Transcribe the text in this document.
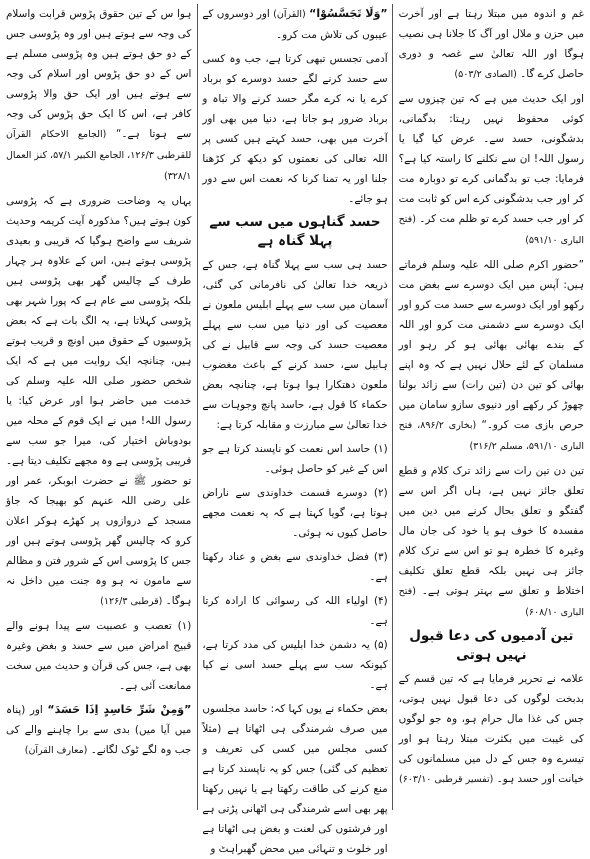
ہوا س کے تین حقوق پڑوس قرابت واسلام کی وجہ سے ہوتے ہیں اور وہ پڑوسی جس کے دو حق ہوتے ہیں وہ پڑوسی مسلم ہے اس کے دو حق پڑوس اور اسلام کی وجہ سے ہوتے ہیں اور ایک حق والا پڑوسی کافر ہے، اس کا ایک حق پڑوس کی وجہ سے ہوتا ہے۔“ (الجامع الاحکام القرآن للقرطبی ۱۲۶/۳، الجامع الکبیر ۵۷/۱، کنز العمال ۳۲۸/۱)

یہاں یہ وضاحت ضروری ہے کہ پڑوسی کون ہوتے ہیں؟ مذکورہ آیت کریمہ وحدیث شریف سے واضح ہوگیا کہ قریبی و بعیدی پڑوسی ہوتے ہیں، اس کے علاوہ ہر چہار طرف کے چالیس گھر بھی پڑوسی ہیں بلکہ پڑوسی سے عام ہے کہ پورا شہر بھی پڑوسی کہلاتا ہے، یہ الگ بات ہے کہ بعض پڑوسیوں کے حقوق میں اونچ و قریب ہوتے ہیں، چنانچہ ایک روایت میں ہے کہ ایک شخص حضور صلی اللہ علیہ وسلم کی خدمت میں حاضر ہوا اور عرض کیا: یا رسول اللہ! میں نے ایک قوم کے محلہ میں بودوباش اختیار کی، میرا جو سب سے قریبی پڑوسی ہے وہ مجھے تکلیف دیتا ہے۔ تو حضور ﷺ نے حضرت ابوبکر، عمر اور علی رضی اللہ عنہم کو بھیجا کہ جاؤ مسجد کے دروازوں پر کھڑے ہوکر اعلان کرو کہ چالیس گھر پڑوسی ہوتے ہیں اور جس کا پڑوسی اس کے شرور فتن و مظالم سے مامون نہ ہو وہ جنت میں داخل نہ ہوگا۔ (قرطبی ۱۲۶/۳)

(۱) تعصب و عصبیت سے پیدا ہونے والے قبیح امراض میں سے حسد و بغض وغیرہ بھی ہے، جس کی قرآن و حدیث میں سخت ممانعت آئی ہے۔

”وَمِنْ شَرِّ حَاسِدٍ اِذَا حَسَدَ“ اور (پناہ میں آیا میں) بدی سے برا چاہنے والے کی جب وہ لگے ٹوک لگانے۔ (معارف القرآن)

”وَلَا تَجَسَّسُوْا“ (القرآن) اور دوسروں کے عیبوں کی تلاش مت کرو۔

آدمی تجسس تبھی کرتا ہے، جب وہ کسی سے حسد کرنے لگے حسد دوسرے کو برباد کرے یا نہ کرے مگر حسد کرنے والا تباہ و برباد ضرور ہو جاتا ہے، دنیا میں بھی اور آخرت میں بھی، حسد کہتے ہیں کسی پر اللہ تعالی کی نعمتوں کو دیکھ کر کڑھنا جلنا اور یہ تمنا کرنا کہ نعمت اس سے دور ہو جائے۔

حسد گناہوں میں سب سے پہلا گناہ ہے

حسد ہی سب سے پہلا گناہ ہے، جس کے ذریعہ خدا تعالیٰ کی نافرمانی کی گئی، آسمان میں سب سے پہلے ابلیس ملعون نے معصیت کی اور دنیا میں سب سے پہلے معصیت حسد کی وجہ سے قابیل نے کی ہابیل سے، حسد کرنے کے باعث مغضوب ملعون دھتکارا ہوا ہوتا ہے، چنانچہ بعض حکماء کا قول ہے، حاسد پانچ وجوہات سے خدا تعالیٰ سے مبارزت و مقابلہ کرتا ہے:

(۱) حاسد اس نعمت کو ناپسند کرتا ہے جو اس کے غیر کو حاصل ہوئی۔

(۲) دوسرے قسمت خداوندی سے ناراض ہوتا ہے، گویا کہتا ہے کہ یہ نعمت مجھے حاصل کیوں نہ ہوئی۔

(۳) فضل خداوندی سے بغض و عناد رکھتا ہے۔

(۴) اولیاء اللہ کی رسوائی کا ارادہ کرتا ہے۔

(۵) یہ دشمن خدا ابلیس کی مدد کرتا ہے، کیونکہ سب سے پہلے حسد اسی نے کیا ہے۔

بعض حکماء نے یوں کہا کہ: حاسد مجلسوں میں صرف شرمندگی ہی اٹھاتا ہے (مثلاً کسی مجلس میں کسی کی تعریف و تعظیم کی گئی) جس کو یہ ناپسند کرتا ہے منع کرنے کی طاقت رکھتا ہے یا نہیں رکھتا پھر بھی اسے شرمندگی ہی اٹھانی پڑتی ہے اور فرشتوں کی لعنت و بغض ہی اٹھاتا ہے اور خلوت و تنہائی میں محض گھبراہٹ و

غم و اندوہ میں مبتلا رہتا ہے اور آخرت میں حزن و ملال اور آگ کا جلانا ہی نصیب ہوگا اور اللہ تعالیٰ سے غصہ و دوری حاصل کرے گا۔ (الصادی ۵۰۳/۲)

اور ایک حدیث میں ہے کہ تین چیزوں سے کوئی محفوظ نہیں رہتا: بدگمانی، بدشگونی، حسد سے۔ عرض کیا گیا یا رسول اللہ! ان سے نکلنے کا راستہ کیا ہے؟ فرمایا: جب تو بدگمانی کرے تو دوبارہ مت کر اور جب بدشگونی کرے اس کو ثابت مت کر اور جب حسد کرے تو ظلم مت کر۔ (فتح الباری ۵۹۱/۱۰)

”حضور اکرم صلی اللہ علیہ وسلم فرماتے ہیں: آپس میں ایک دوسرے سے بغض مت رکھو اور ایک دوسرے سے حسد مت کرو اور ایک دوسرے سے دشمنی مت کرو اور اللہ کے بندے بھائی بھائی ہو کر رہو اور مسلمان کے لئے حلال نہیں ہے کہ وہ اپنے بھائی کو تین دن (تین رات) سے زائد بولنا چھوڑ کر رکھے اور دنیوی سازو سامان میں حرص بازی مت کرو۔“ (بخاری ۸۹۶/۲، فتح الباری ۵۹۱/۱۰، مسلم ۳۱۶/۲)

تین دن تین رات سے زائد ترک کلام و قطع تعلق جائز نہیں ہے، ہاں اگر اس سے گفتگو و تعلق بحال کرنے میں دین میں مفسدہ کا خوف ہو یا خود کی جان مال وغیرہ کا خطرہ ہو تو اس سے ترک کلام جائز ہی نہیں بلکہ قطع تعلق تکلیف اختلاط و تعلق سے بہتر ہوتی ہے۔ (فتح الباری ۶۰۸/۱۰)

تین آدمیوں کی دعا قبول نہیں ہوتی

علامہ نے تحریر فرمایا ہے کہ تین قسم کے بدبخت لوگوں کی دعا قبول نہیں ہوتی، جس کی غذا مال حرام ہو، وہ جو لوگوں کی غیبت میں بکثرت مبتلا رہتا ہو اور تیسرے وہ جس کے دل میں مسلمانوں کی خیانت اور حسد ہو۔ (تفسیر قرطبی ۶۰۳/۱۰)
